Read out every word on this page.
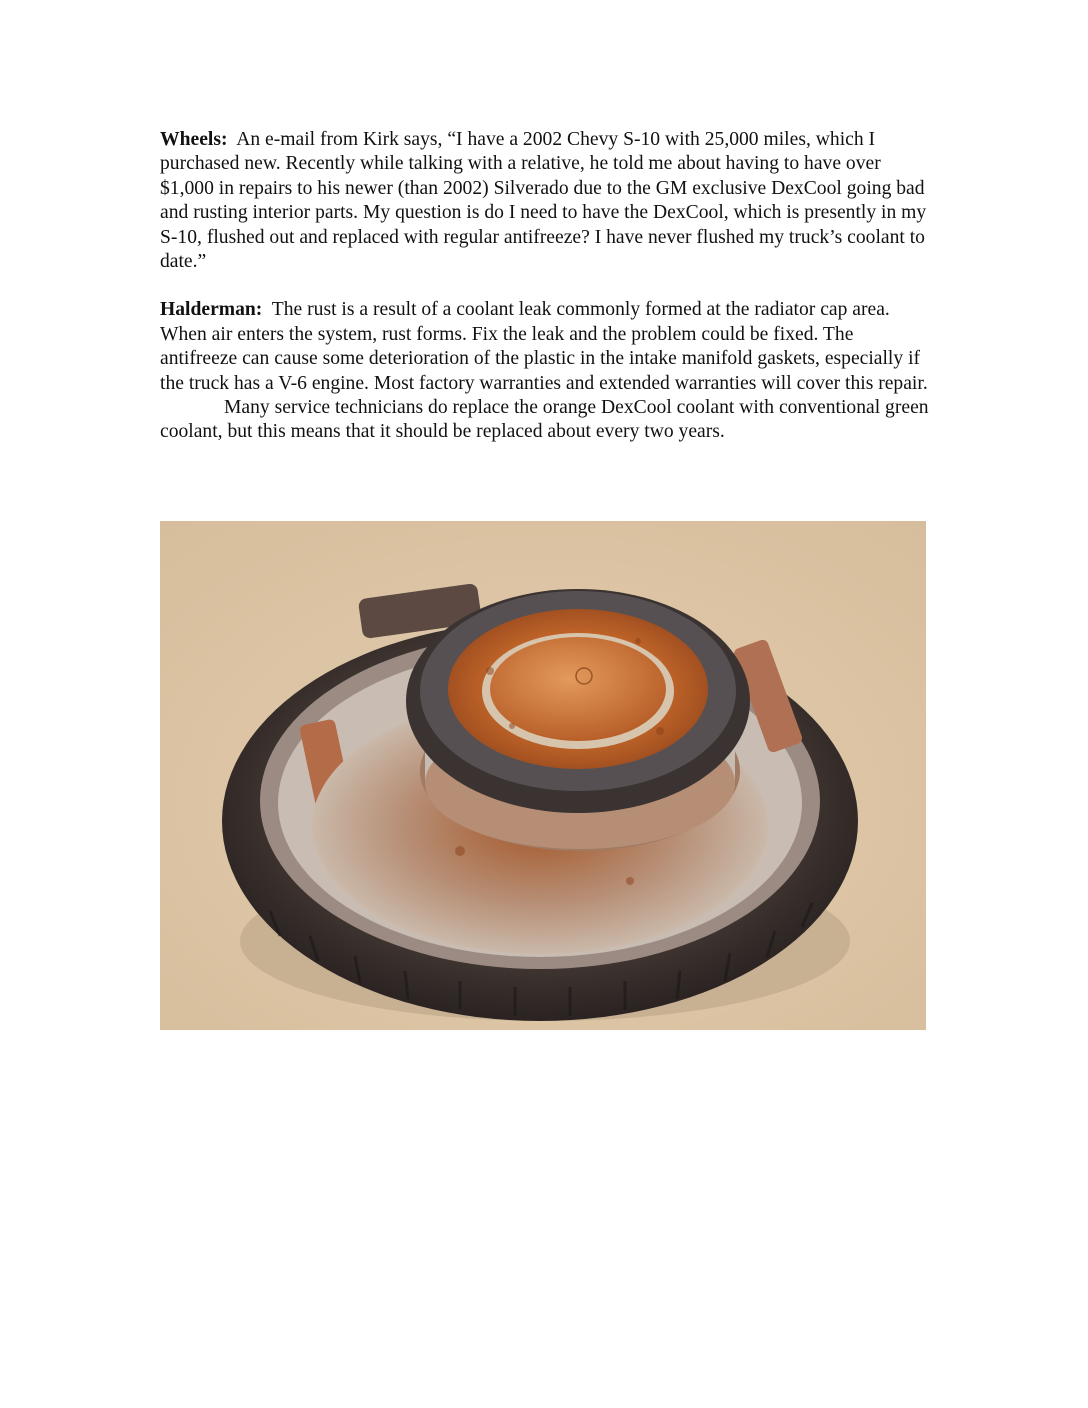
Wheels: An e-mail from Kirk says, “I have a 2002 Chevy S-10 with 25,000 miles, which I purchased new. Recently while talking with a relative, he told me about having to have over $1,000 in repairs to his newer (than 2002) Silverado due to the GM exclusive DexCool going bad and rusting interior parts. My question is do I need to have the DexCool, which is presently in my S-10, flushed out and replaced with regular antifreeze? I have never flushed my truck’s coolant to date.”

Halderman: The rust is a result of a coolant leak commonly formed at the radiator cap area. When air enters the system, rust forms. Fix the leak and the problem could be fixed. The antifreeze can cause some deterioration of the plastic in the intake manifold gaskets, especially if the truck has a V-6 engine. Most factory warranties and extended warranties will cover this repair.

Many service technicians do replace the orange DexCool coolant with conventional green coolant, but this means that it should be replaced about every two years.
